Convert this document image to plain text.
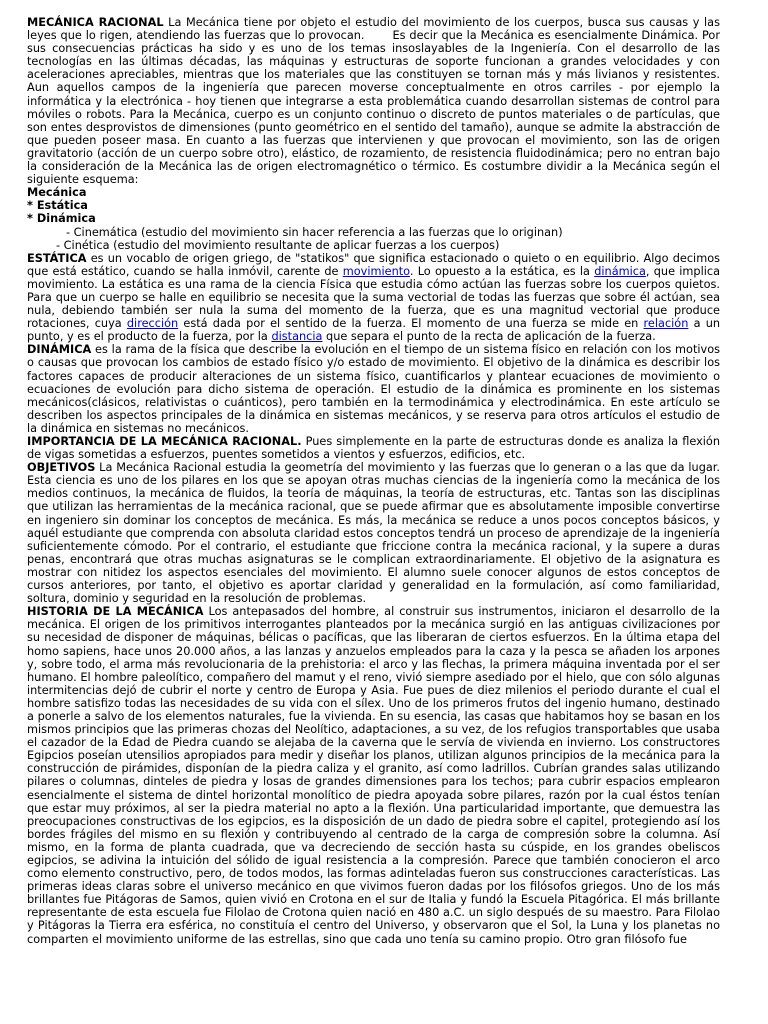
MECÁNICA RACIONAL La Mecánica tiene por objeto el estudio del movimiento de los cuerpos, busca sus causas y las leyes que lo rigen, atendiendo las fuerzas que lo provocan. Es decir que la Mecánica es esencialmente Dinámica. Por sus consecuencias prácticas ha sido y es uno de los temas insoslayables de la Ingeniería. Con el desarrollo de las tecnologías en las últimas décadas, las máquinas y estructuras de soporte funcionan a grandes velocidades y con aceleraciones apreciables, mientras que los materiales que las constituyen se tornan más y más livianos y resistentes. Aun aquellos campos de la ingeniería que parecen moverse conceptualmente en otros carriles - por ejemplo la informática y la electrónica - hoy tienen que integrarse a esta problemática cuando desarrollan sistemas de control para móviles o robots. Para la Mecánica, cuerpo es un conjunto continuo o discreto de puntos materiales o de partículas, que son entes desprovistos de dimensiones (punto geométrico en el sentido del tamaño), aunque se admite la abstracción de que pueden poseer masa. En cuanto a las fuerzas que intervienen y que provocan el movimiento, son las de origen gravitatorio (acción de un cuerpo sobre otro), elástico, de rozamiento, de resistencia fluidodinámica; pero no entran bajo la consideración de la Mecánica las de origen electromagnético o térmico. Es costumbre dividir a la Mecánica según el siguiente esquema:

Mecánica
* Estática
* Dinámica
- Cinemática (estudio del movimiento sin hacer referencia a las fuerzas que lo originan)
- Cinética (estudio del movimiento resultante de aplicar fuerzas a los cuerpos)

ESTÁTICA es un vocablo de origen griego, de "statikos" que significa estacionado o quieto o en equilibrio. Algo decimos que está estático, cuando se halla inmóvil, carente de movimiento. Lo opuesto a la estática, es la dinámica, que implica movimiento. La estática es una rama de la ciencia Física que estudia cómo actúan las fuerzas sobre los cuerpos quietos. Para que un cuerpo se halle en equilibrio se necesita que la suma vectorial de todas las fuerzas que sobre él actúan, sea nula, debiendo también ser nula la suma del momento de la fuerza, que es una magnitud vectorial que produce rotaciones, cuya dirección está dada por el sentido de la fuerza. El momento de una fuerza se mide en relación a un punto, y es el producto de la fuerza, por la distancia que separa el punto de la recta de aplicación de la fuerza.

DINÁMICA es la rama de la física que describe la evolución en el tiempo de un sistema físico en relación con los motivos o causas que provocan los cambios de estado físico y/o estado de movimiento. El objetivo de la dinámica es describir los factores capaces de producir alteraciones de un sistema físico, cuantificarlos y plantear ecuaciones de movimiento o ecuaciones de evolución para dicho sistema de operación. El estudio de la dinámica es prominente en los sistemas mecánicos(clásicos, relativistas o cuánticos), pero también en la termodinámica y electrodinámica. En este artículo se describen los aspectos principales de la dinámica en sistemas mecánicos, y se reserva para otros artículos el estudio de la dinámica en sistemas no mecánicos.

IMPORTANCIA DE LA MECÁNICA RACIONAL. Pues simplemente en la parte de estructuras donde es analiza la flexión de vigas sometidas a esfuerzos, puentes sometidos a vientos y esfuerzos, edificios, etc.

OBJETIVOS La Mecánica Racional estudia la geometría del movimiento y las fuerzas que lo generan o a las que da lugar. Esta ciencia es uno de los pilares en los que se apoyan otras muchas ciencias de la ingeniería como la mecánica de los medios continuos, la mecánica de fluidos, la teoría de máquinas, la teoría de estructuras, etc. Tantas son las disciplinas que utilizan las herramientas de la mecánica racional, que se puede afirmar que es absolutamente imposible convertirse en ingeniero sin dominar los conceptos de mecánica. Es más, la mecánica se reduce a unos pocos conceptos básicos, y aquél estudiante que comprenda con absoluta claridad estos conceptos tendrá un proceso de aprendizaje de la ingeniería suficientemente cómodo. Por el contrario, el estudiante que friccione contra la mecánica racional, y la supere a duras penas, encontrará que otras muchas asignaturas se le complican extraordinariamente. El objetivo de la asignatura es mostrar con nitidez los aspectos esenciales del movimiento. El alumno suele conocer algunos de estos conceptos de cursos anteriores, por tanto, el objetivo es aportar claridad y generalidad en la formulación, así como familiaridad, soltura, dominio y seguridad en la resolución de problemas.

HISTORIA DE LA MECÁNICA Los antepasados del hombre, al construir sus instrumentos, iniciaron el desarrollo de la mecánica. El origen de los primitivos interrogantes planteados por la mecánica surgió en las antiguas civilizaciones por su necesidad de disponer de máquinas, bélicas o pacíficas, que las liberaran de ciertos esfuerzos. En la última etapa del homo sapiens, hace unos 20.000 años, a las lanzas y anzuelos empleados para la caza y la pesca se añaden los arpones y, sobre todo, el arma más revolucionaria de la prehistoria: el arco y las flechas, la primera máquina inventada por el ser humano. El hombre paleolítico, compañero del mamut y el reno, vivió siempre asediado por el hielo, que con sólo algunas intermitencias dejó de cubrir el norte y centro de Europa y Asia. Fue pues de diez milenios el periodo durante el cual el hombre satisfizo todas las necesidades de su vida con el sílex. Uno de los primeros frutos del ingenio humano, destinado a ponerle a salvo de los elementos naturales, fue la vivienda. En su esencia, las casas que habitamos hoy se basan en los mismos principios que las primeras chozas del Neolítico, adaptaciones, a su vez, de los refugios transportables que usaba el cazador de la Edad de Piedra cuando se alejaba de la caverna que le servía de vivienda en invierno. Los constructores Egipcios poseían utensilios apropiados para medir y diseñar los planos, utilizan algunos principios de la mecánica para la construcción de pirámides, disponían de la piedra caliza y el granito, así como ladrillos. Cubrían grandes salas utilizando pilares o columnas, dinteles de piedra y losas de grandes dimensiones para los techos; para cubrir espacios emplearon esencialmente el sistema de dintel horizontal monolítico de piedra apoyada sobre pilares, razón por la cual éstos tenían que estar muy próximos, al ser la piedra material no apto a la flexión. Una particularidad importante, que demuestra las preocupaciones constructivas de los egipcios, es la disposición de un dado de piedra sobre el capitel, protegiendo así los bordes frágiles del mismo en su flexión y contribuyendo al centrado de la carga de compresión sobre la columna. Así mismo, en la forma de planta cuadrada, que va decreciendo de sección hasta su cúspide, en los grandes obeliscos egipcios, se adivina la intuición del sólido de igual resistencia a la compresión. Parece que también conocieron el arco como elemento constructivo, pero, de todos modos, las formas adinteladas fueron sus construcciones características. Las primeras ideas claras sobre el universo mecánico en que vivimos fueron dadas por los filósofos griegos. Uno de los más brillantes fue Pitágoras de Samos, quien vivió en Crotona en el sur de Italia y fundó la Escuela Pitagórica. El más brillante representante de esta escuela fue Filolao de Crotona quien nació en 480 a.C. un siglo después de su maestro. Para Filolao y Pitágoras la Tierra era esférica, no constituía el centro del Universo, y observaron que el Sol, la Luna y los planetas no comparten el movimiento uniforme de las estrellas, sino que cada uno tenía su camino propio. Otro gran filósofo fue
